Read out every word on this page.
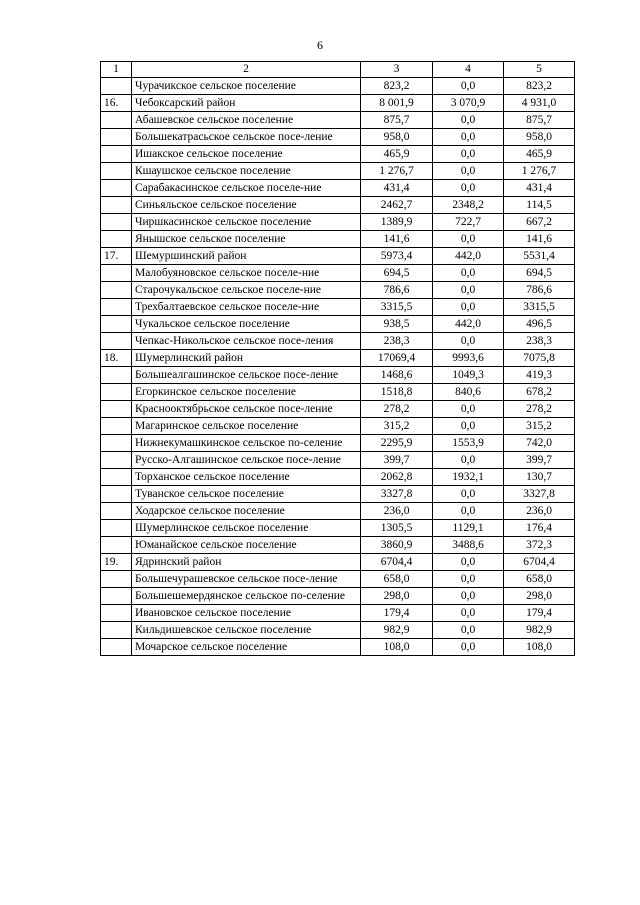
6
1	2	3	4	5
	Чурачикское сельское поселение	823,2	0,0	823,2
16.	Чебоксарский район	8 001,9	3 070,9	4 931,0
	Абашевское сельское поселение	875,7	0,0	875,7
	Большекатрасьское сельское посе-ление	958,0	0,0	958,0
	Ишакское сельское поселение	465,9	0,0	465,9
	Кшаушское сельское поселение	1 276,7	0,0	1 276,7
	Сарабакасинское сельское поселе-ние	431,4	0,0	431,4
	Синьяльское сельское поселение	2462,7	2348,2	114,5
	Чиршкасинское сельское поселение	1389,9	722,7	667,2
	Янышское сельское поселение	141,6	0,0	141,6
17.	Шемуршинский район	5973,4	442,0	5531,4
	Малобуяновское сельское поселе-ние	694,5	0,0	694,5
	Старочукальское сельское поселе-ние	786,6	0,0	786,6
	Трехбалтаевское сельское поселе-ние	3315,5	0,0	3315,5
	Чукальское сельское поселение	938,5	442,0	496,5
	Чепкас-Никольское сельское посе-ления	238,3	0,0	238,3
18.	Шумерлинский район	17069,4	9993,6	7075,8
	Большеалгашинское сельское посе-ление	1468,6	1049,3	419,3
	Егоркинское сельское поселение	1518,8	840,6	678,2
	Краснооктябрьское сельское посе-ление	278,2	0,0	278,2
	Магаринское сельское поселение	315,2	0,0	315,2
	Нижнекумашкинское сельское по-селение	2295,9	1553,9	742,0
	Русско-Алгашинское сельское посе-ление	399,7	0,0	399,7
	Торханское сельское поселение	2062,8	1932,1	130,7
	Туванское сельское поселение	3327,8	0,0	3327,8
	Ходарское сельское поселение	236,0	0,0	236,0
	Шумерлинское сельское поселение	1305,5	1129,1	176,4
	Юманайское сельское поселение	3860,9	3488,6	372,3
19.	Ядринский район	6704,4	0,0	6704,4
	Большечурашевское сельское посе-ление	658,0	0,0	658,0
	Большешемердянское сельское по-селение	298,0	0,0	298,0
	Ивановское сельское поселение	179,4	0,0	179,4
	Кильдишевское сельское поселение	982,9	0,0	982,9
	Мочарское сельское поселение	108,0	0,0	108,0
